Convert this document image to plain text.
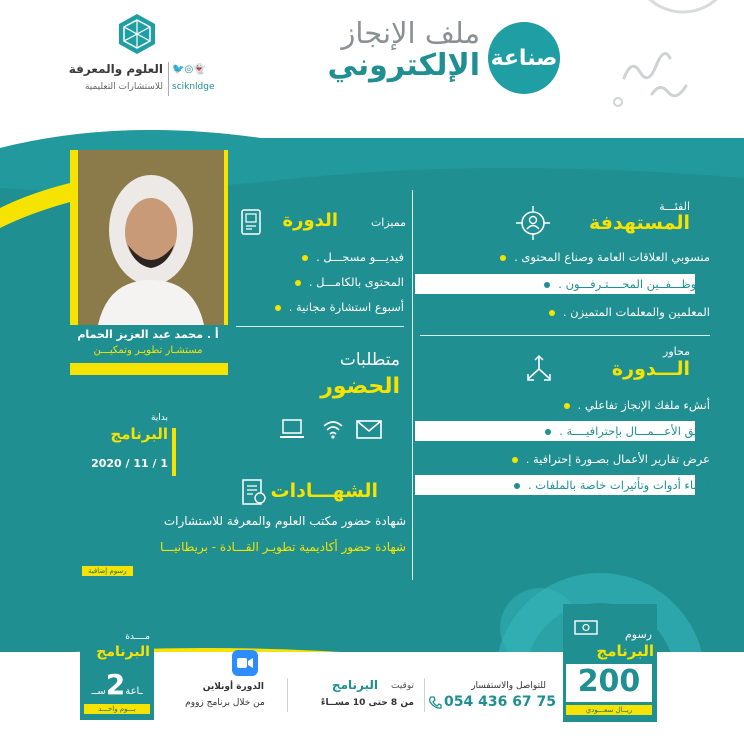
العلوم والمعرفة
للاستشارات التعليمية
🐦◎👻
sciknldge
ملف الإنجاز
الإلكتروني صناعة
أ . محمد عبد العزيز الحمام
مستشـار تطويـر وتمكيـــن
الفئـــة
المستهدفة
منسوبي العلاقات العامة وصناع المحتوى .
الموظـــفــين المحــــتـرفـــون .
المعلمين والمعلمات المتميزن .
مميزات
الدورة
فيديـــو مسجـــل .
المحتوى بالكامـــل .
أسبوع استشارة مجانية .
محاور
الـــدورة
أنشء ملفك الإنجاز تفاعلي .
توثيق الأعـــمـــال بإحترافيــــة .
عرض تقارير الأعمال بصـورة إحترافية .
إنشاء أدوات وتأثيرات خاصة بالملفات .
متطلبات
الحضور
بداية
البرنامج
2020 / 11 / 1
الشهـــادات
شهادة حضور مكتب العلوم والمعرفة للاستشارات
شهادة حضور أكاديمية تطويـر القـــادة - بريطانيـــا
رسوم إضافية
مــــدة
البرنامج
ـاعة2ســ
بـــوم واحـــد
الدورة أونلاين
من خلال برنامج زووم
توقيت
البرنامج
من 8 حتى 10 مســاءً
للتواصل والاستفسار
054 436 67 75
رسوم
البرنامج
200
ريــال سعـــودي
